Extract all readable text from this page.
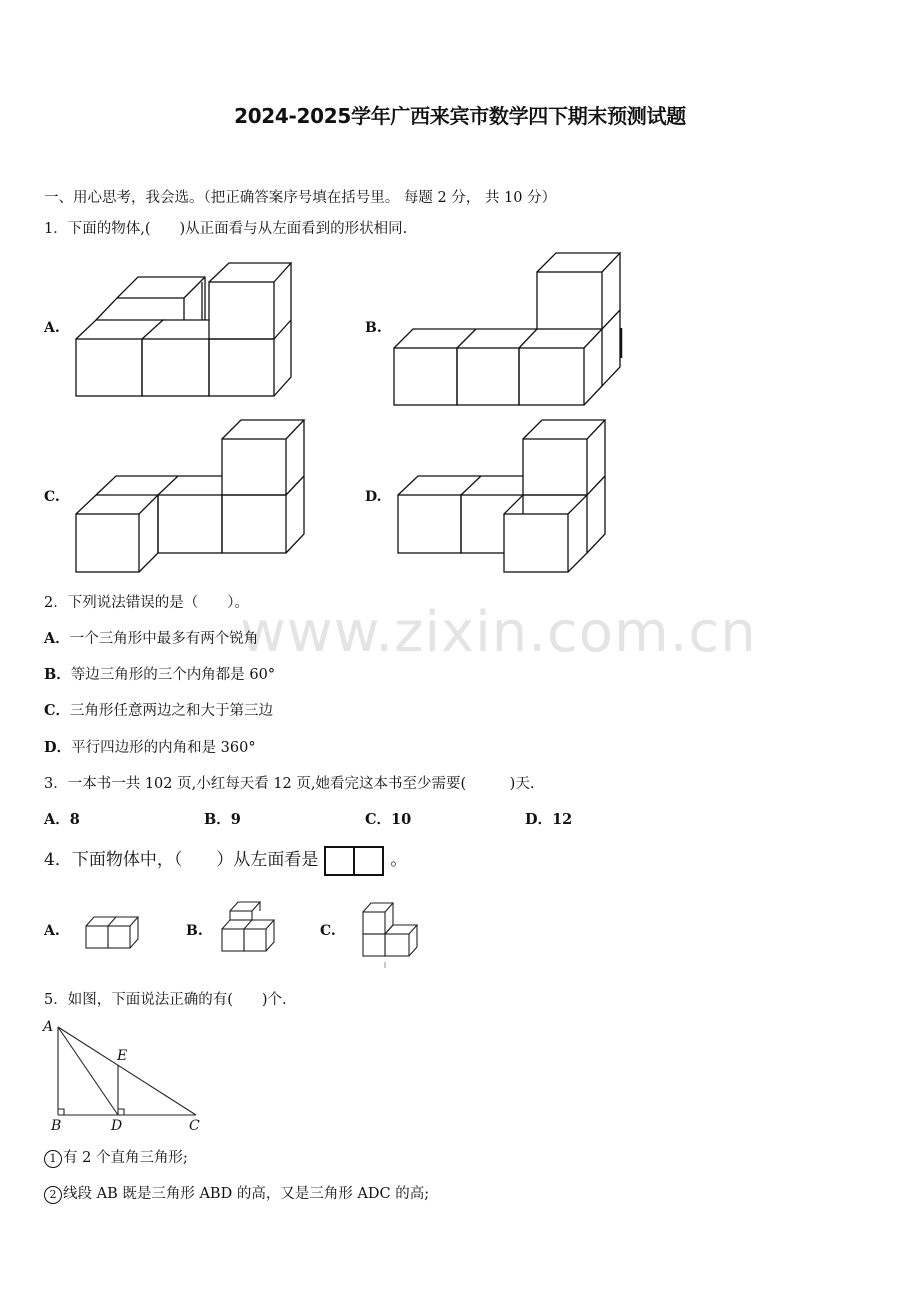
www.zixin.com.cn
2024-2025学年广西来宾市数学四下期末预测试题
一、用心思考，我会选。（把正确答案序号填在括号里。 每题 2 分， 共 10 分）
1．下面的物体,(　　)从正面看与从左面看到的形状相同.
A.	B.
C.	D.
2．下列说法错误的是（　　）。
A．一个三角形中最多有两个锐角
B．等边三角形的三个内角都是 60°
C．三角形任意两边之和大于第三边
D．平行四边形的内角和是 360°
3．一本书一共 102 页,小红每天看 12 页,她看完这本书至少需要(　　　)天.
A．8	B．9	C．10	D．12
4．下面物体中，（　　）从左面看是	。
A.	B.	C.
5．如图，下面说法正确的有(　　)个.
A
B	D	C
E
1 有 2 个直角三角形;
2 线段 AB 既是三角形 ABD 的高，又是三角形 ADC 的高;
